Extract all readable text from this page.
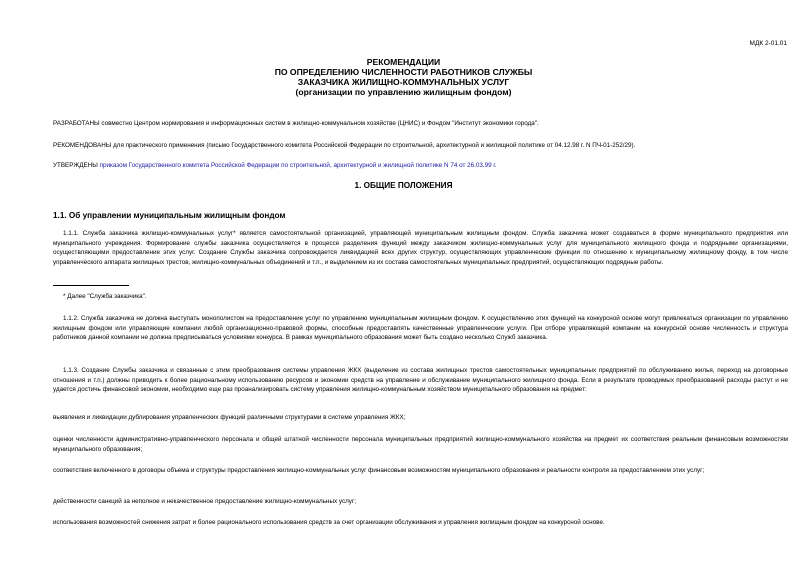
МДК 2-01.01
РЕКОМЕНДАЦИИ
ПО ОПРЕДЕЛЕНИЮ ЧИСЛЕННОСТИ РАБОТНИКОВ СЛУЖБЫ
ЗАКАЗЧИКА ЖИЛИЩНО-КОММУНАЛЬНЫХ УСЛУГ
(организации по управлению жилищным фондом)
РАЗРАБОТАНЫ совместно Центром нормирования и информационных систем в жилищно-коммунальном хозяйстве (ЦНИС) и Фондом "Институт экономики города".
РЕКОМЕНДОВАНЫ для практического применения (письмо Государственного комитета Российской Федерации по строительной, архитектурной и жилищной политике от 04.12.98 г. N ПЧ-01-252/29).
УТВЕРЖДЕНЫ приказом Государственного комитета Российской Федерации по строительной, архитектурной и жилищной политике N 74 от 26.03.99 г.
1. ОБЩИЕ ПОЛОЖЕНИЯ
1.1. Об управлении муниципальным жилищным фондом
1.1.1. Служба заказчика жилищно-коммунальных услуг* является самостоятельной организацией, управляющей муниципальным жилищным фондом. Служба заказчика может создаваться в форме муниципального предприятия или муниципального учреждения. Формирование службы заказчика осуществляется в процессе разделения функций между заказчиком жилищно-коммунальных услуг для муниципального жилищного фонда и подрядными организациями, осуществляющими предоставление этих услуг. Создание Службы заказчика сопровождается ликвидацией всех других структур, осуществляющих управленческие функции по отношению к муниципальному жилищному фонду, в том числе управленческого аппарата жилищных трестов, жилищно-коммунальных объединений и т.п., и выделением из их состава самостоятельных муниципальных предприятий, осуществляющих подрядные работы.
* Далее "Служба заказчика".
1.1.2. Служба заказчика не должна выступать монополистом на предоставление услуг по управлению муниципальным жилищным фондом. К осуществлению этих функций на конкурсной основе могут привлекаться организации по управлению жилищным фондом или управляющие компании любой организационно-правовой формы, способные предоставлять качественные управленческие услуги. При отборе управляющей компании на конкурсной основе численность и структура работников данной компании не должна предписываться условиями конкурса. В рамках муниципального образования может быть создано несколько Служб заказчика.
1.1.3. Создание Службы заказчика и связанные с этим преобразования системы управления ЖКХ (выделение из состава жилищных трестов самостоятельных муниципальных предприятий по обслуживанию жилья, переход на договорные отношения и т.п.) должны приводить к более рациональному использованию ресурсов и экономии средств на управление и обслуживание муниципального жилищного фонда. Если в результате проводимых преобразований расходы растут и не удается достичь финансовой экономии, необходимо еще раз проанализировать систему управления жилищно-коммунальным хозяйством муниципального образования на предмет:
выявления и ликвидации дублирования управленческих функций различными структурами в системе управления ЖКХ;
оценки численности административно-управленческого персонала и общей штатной численности персонала муниципальных предприятий жилищно-коммунального хозяйства на предмет их соответствия реальным финансовым возможностям муниципального образования;
соответствия включенного в договоры объема и структуры предоставления жилищно-коммунальных услуг финансовым возможностям муниципального образования и реальности контроля за предоставлением этих услуг;
действенности санкций за неполное и некачественное предоставление жилищно-коммунальных услуг;
использования возможностей снижения затрат и более рационального использования средств за счет организации обслуживания и управления жилищным фондом на конкурсной основе.
